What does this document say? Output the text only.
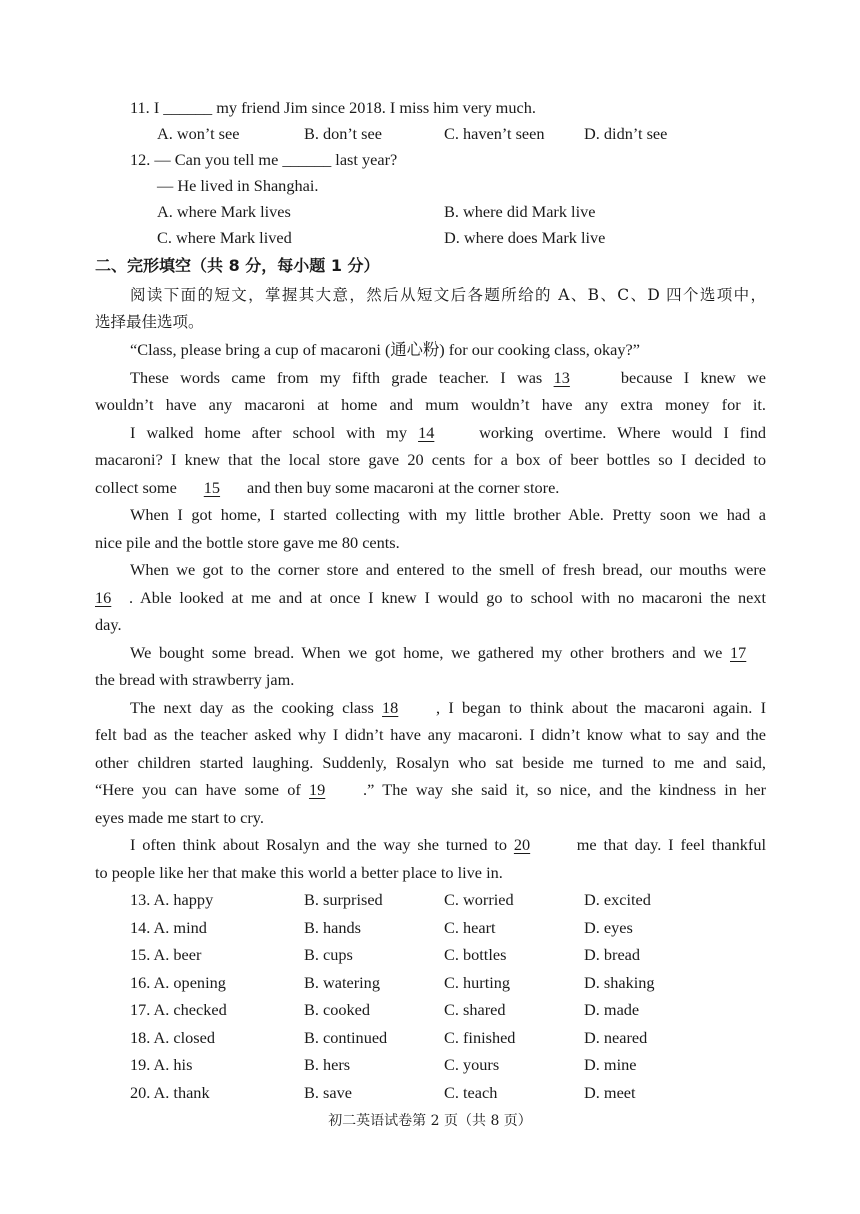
11. I ______ my friend Jim since 2018. I miss him very much.
A. won’t see	B. don’t see	C. haven’t seen D. didn’t see
12. — Can you tell me ______ last year?
— He lived in Shanghai.
A. where Mark lives	B. where did Mark live
C. where Mark lived	D. where does Mark live
二、完形填空（共 8 分，每小题 1 分）
阅读下面的短文，掌握其大意，然后从短文后各题所给的 A、B、C、D 四个选项中，
选择最佳选项。
“Class, please bring a cup of macaroni (通心粉) for our cooking class, okay?”
These words came from my fifth grade teacher. I was 13	because I knew we
wouldn’t have any macaroni at home and mum wouldn’t have any extra money for it.
I walked home after school with my 14	working overtime. Where would I find
macaroni? I knew that the local store gave 20 cents for a box of beer bottles so I decided to
collect some 15 and then buy some macaroni at the corner store.
When I got home, I started collecting with my little brother Able. Pretty soon we had a
nice pile and the bottle store gave me 80 cents.
When we got to the corner store and entered to the smell of fresh bread, our mouths were
16 . Able looked at me and at once I knew I would go to school with no macaroni the next
day.
We bought some bread. When we got home, we gathered my other brothers and we 17
the bread with strawberry jam.
The next day as the cooking class 18 , I began to think about the macaroni again. I
felt bad as the teacher asked why I didn’t have any macaroni. I didn’t know what to say and the
other children started laughing. Suddenly, Rosalyn who sat beside me turned to me and said,
“Here you can have some of 19 .” The way she said it, so nice, and the kindness in her
eyes made me start to cry.
I often think about Rosalyn and the way she turned to 20	me that day. I feel thankful
to people like her that make this world a better place to live in.
13. A. happy	B. surprised	C. worried	D. excited
14. A. mind	B. hands	C. heart	D. eyes
15. A. beer	B. cups	C. bottles	D. bread
16. A. opening	B. watering	C. hurting	D. shaking
17. A. checked	B. cooked	C. shared	D. made
18. A. closed	B. continued	C. finished	D. neared
19. A. his	B. hers	C. yours	D. mine
20. A. thank	B. save	C. teach	D. meet
初二英语试卷第 2 页（共 8 页）
